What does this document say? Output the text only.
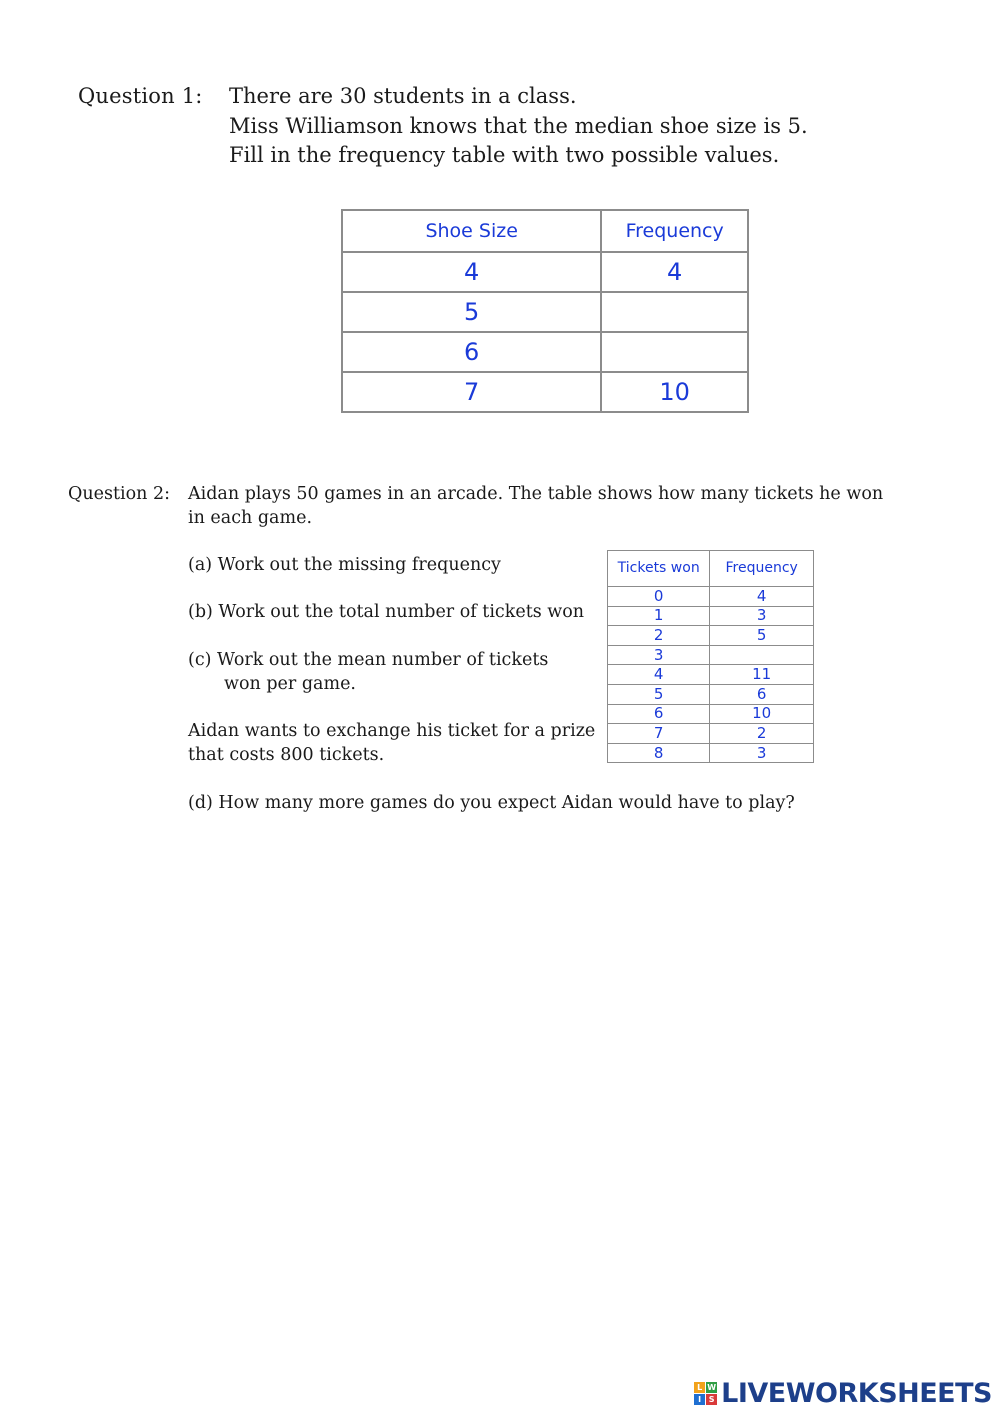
Question 1: There are 30 students in a class.
Miss Williamson knows that the median shoe size is 5.
Fill in the frequency table with two possible values.
Shoe Size	Frequency
4	4
5	
6	
7	10
Question 2: Aidan plays 50 games in an arcade. The table shows how many tickets he won
in each game.
(a) Work out the missing frequency
(b) Work out the total number of tickets won
(c) Work out the mean number of tickets
won per game.
Aidan wants to exchange his ticket for a prize
that costs 800 tickets.
(d) How many more games do you expect Aidan would have to play?
Tickets won	Frequency
0	4
1	3
2	5
3	
4	11
5	6
6	10
7	2
8	3
L W
I S LIVEWORKSHEETS
